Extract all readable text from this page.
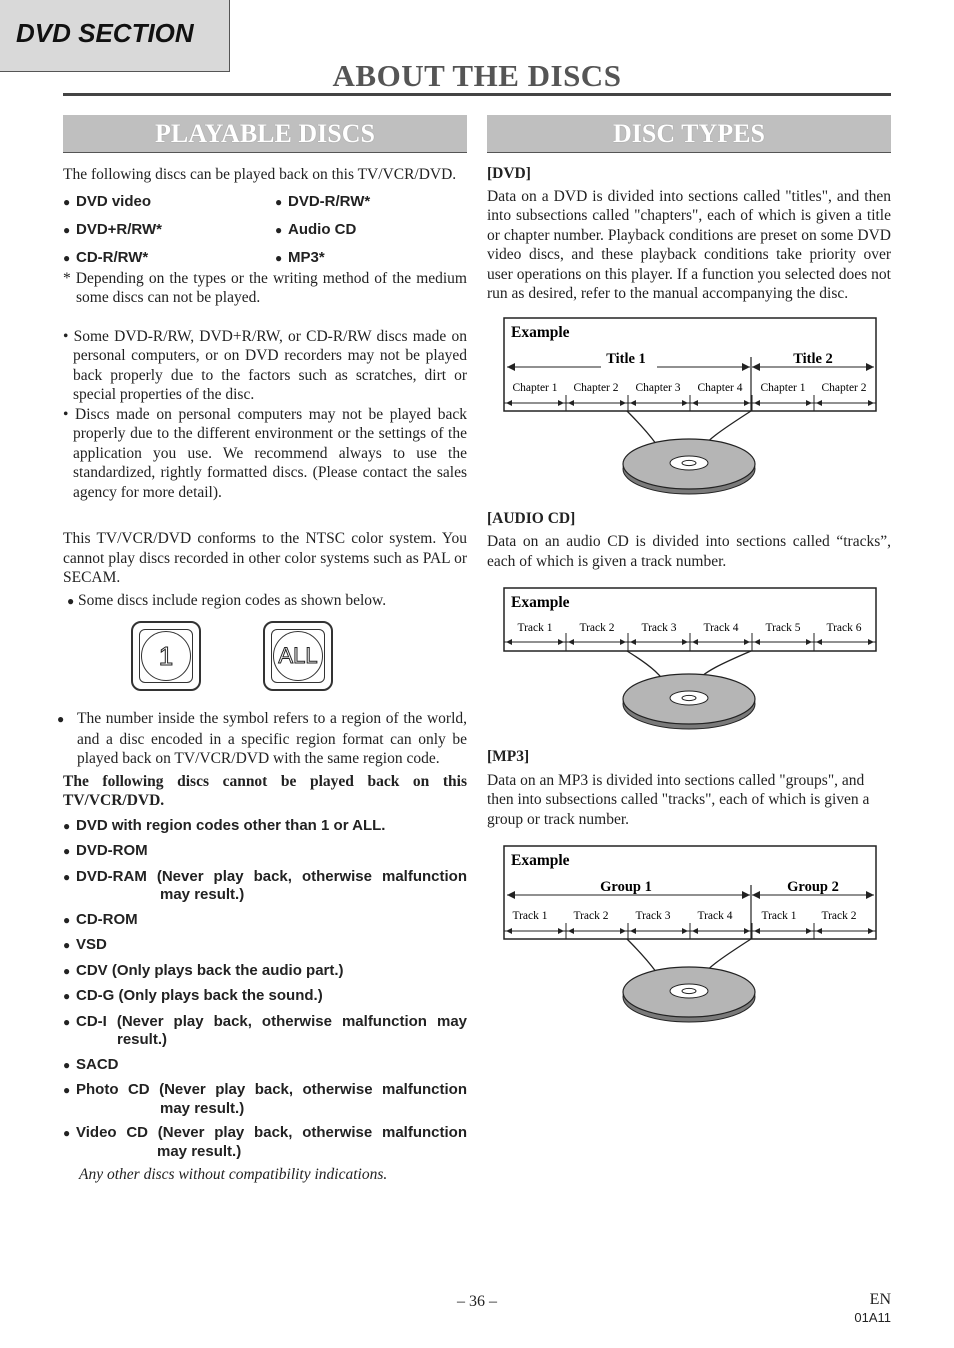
DVD SECTION
ABOUT THE DISCS
PLAYABLE DISCS

The following discs can be played back on this TV/VCR/DVD.

● DVD video	● DVD-R/RW*
● DVD+R/RW*	● Audio CD
● CD-R/RW*	● MP3*

* Depending on the types or the writing method of the medium some discs can not be played.

• Some DVD-R/RW, DVD+R/RW, or CD-R/RW discs made on personal computers, or on DVD recorders may not be played back properly due to the factors such as scratches, dirt or special properties of the disc.

• Discs made on personal computers may not be played back properly due to the different environment or the settings of the application you use. We recommend always to use the standardized, rightly formatted discs. (Please contact the sales agency for more detail).

This TV/VCR/DVD conforms to the NTSC color system. You cannot play discs recorded in other color systems such as PAL or SECAM.

● Some discs include region codes as shown below.

1	ALL

● The number inside the symbol refers to a region of the world, and a disc encoded in a specific region format can only be played back on TV/VCR/DVD with the same region code.

The following discs cannot be played back on this TV/VCR/DVD.

● DVD with region codes other than 1 or ALL.
● DVD-ROM
● DVD-RAM (Never play back, otherwise malfunction may result.)
● CD-ROM
● VSD
● CDV (Only plays back the audio part.)
● CD-G (Only plays back the sound.)
● CD-I (Never play back, otherwise malfunction may result.)
● SACD
● Photo CD (Never play back, otherwise malfunction may result.)
● Video CD (Never play back, otherwise malfunction may result.)

Any other discs without compatibility indications.

DISC TYPES

[DVD]

Data on a DVD is divided into sections called "titles", and then into subsections called "chapters", each of which is given a title or chapter number. Playback conditions are preset on some DVD video discs, and these playback conditions take priority over user operations on this player. If a function you selected does not run as desired, refer to the manual accompanying the disc.

Example
Title 1	Title 2
Chapter 1 Chapter 2 Chapter 3 Chapter 4 Chapter 1 Chapter 2

[AUDIO CD]

Data on an audio CD is divided into sections called “tracks”, each of which is given a track number.

Example
Track 1 Track 2 Track 3 Track 4 Track 5 Track 6

[MP3]

Data on an MP3 is divided into sections called "groups", and then into subsections called "tracks", each of which is given a group or track number.

Example
Group 1	Group 2
Track 1 Track 2 Track 3 Track 4	Track 1 Track 2
– 36 –	EN
01A11
